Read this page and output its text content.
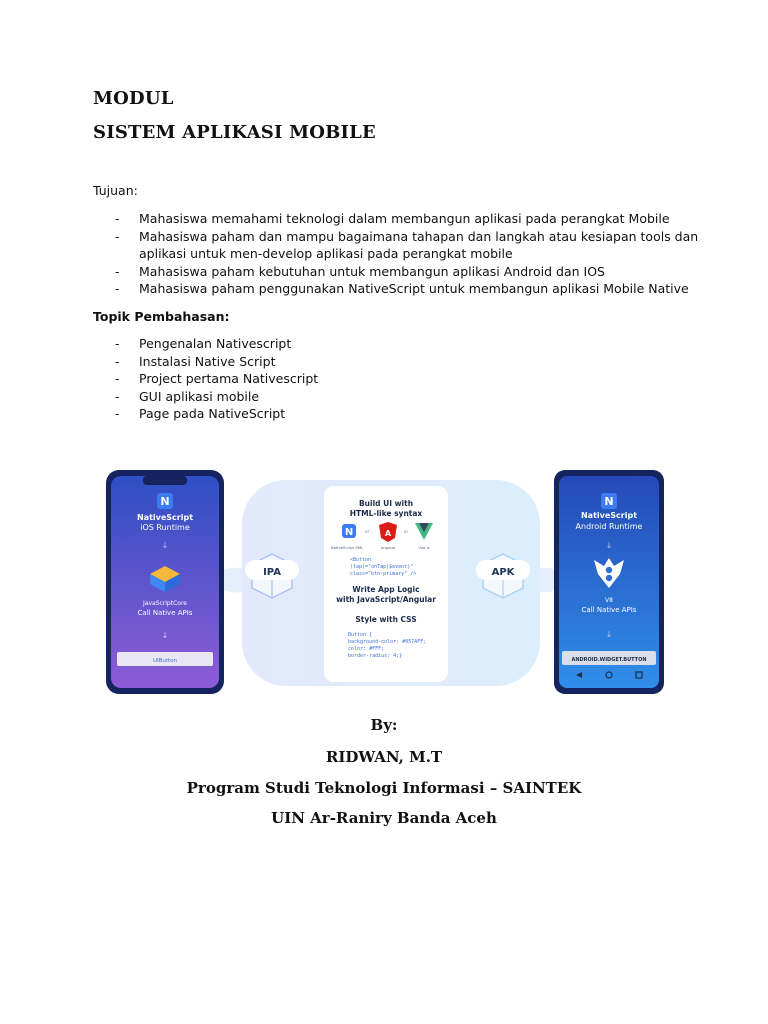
MODUL
SISTEM APLIKASI MOBILE

Tujuan:

- Mahasiswa memahami teknologi dalam membangun aplikasi pada perangkat Mobile
- Mahasiswa paham dan mampu bagaimana tahapan dan langkah atau kesiapan tools dan
aplikasi untuk men-develop aplikasi pada perangkat mobile
- Mahasiswa paham kebutuhan untuk membangun aplikasi Android dan IOS
- Mahasiswa paham penggunakan NativeScript untuk membangun aplikasi Mobile Native

Topik Pembahasan:

- Pengenalan Nativescript
- Instalasi Native Script
- Project pertama Nativescript
- GUI aplikasi mobile
- Page pada NativeScript
IPA	APK
Build UI with
HTML-like syntax
N	or A	or
NativeScript XML	Angular	Vue.js
<Button
(tap)="onTap($event)"
class="btn-primary" />
Write App Logic
with JavaScript/Angular
Style with CSS
Button {
background-color: #057AFF;
color: #FFF;
border-radius: 4;}
N
NativeScript
iOS Runtime
↓
JavaScriptCore
Call Native APIs
↓
UIButton
N
NativeScript
Android Runtime
↓
V8
Call Native APIs
↓
ANDROID.WIDGET.BUTTON

By:

RIDWAN, M.T

Program Studi Teknologi Informasi – SAINTEK

UIN Ar-Raniry Banda Aceh
